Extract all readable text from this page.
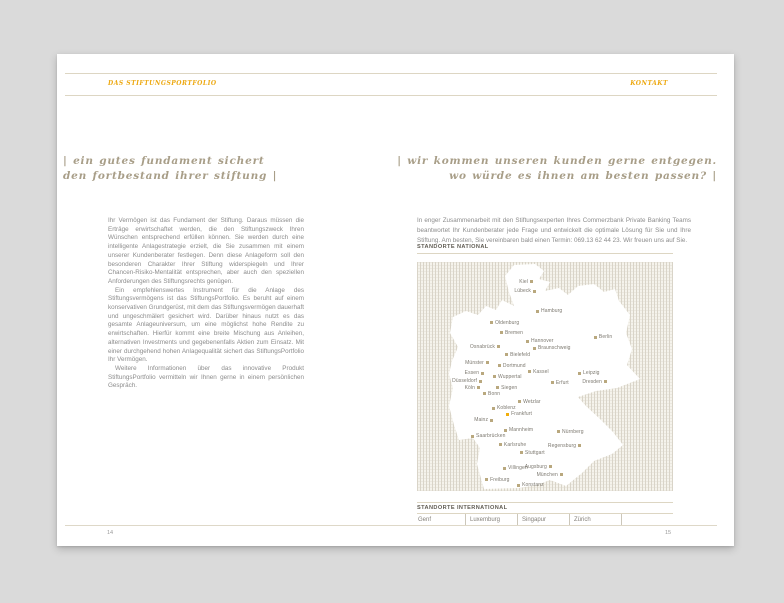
DAS STIFTUNGSPORTFOLIO	KONTAKT
| ein gutes fundament sichert
den fortbestand ihrer stiftung |

Ihr Vermögen ist das Fundament der Stiftung. Daraus müssen die Erträge erwirtschaftet werden, die den Stiftungszweck Ihren Wünschen entsprechend erfüllen können. Sie werden durch eine intelligente Anlagestrategie erzielt, die Sie zusammen mit einem unserer Kundenberater festlegen. Denn diese Anlageform soll den besonderen Charakter Ihrer Stiftung widerspiegeln und Ihrer Chancen-Risiko-Mentalität entsprechen, aber auch den speziellen Anforderungen des Stiftungsrechts genügen.

Ein empfehlenswertes Instrument für die Anlage des Stiftungsvermögens ist das StiftungsPortfolio. Es beruht auf einem konservativen Grundgerüst, mit dem das Stiftungsvermögen dauerhaft und ungeschmälert gesichert wird. Darüber hinaus nutzt es das gesamte Anlageuniversum, um eine möglichst hohe Rendite zu erwirtschaften. Hierfür kommt eine breite Mischung aus Anleihen, alternativen Investments und gegebenenfalls Aktien zum Einsatz. Mit einer durchgehend hohen Anlagequalität sichert das StiftungsPortfolio Ihr Vermögen.

Weitere Informationen über das innovative Produkt StiftungsPortfolio vermitteln wir Ihnen gerne in einem persönlichen Gespräch.

14
| wir kommen unseren kunden gerne entgegen.
wo würde es ihnen am besten passen? |
In enger Zusammenarbeit mit den Stiftungsexperten Ihres Commerzbank Private Banking Teams beantwortet Ihr Kundenberater jede Frage und entwickelt die optimale Lösung für Sie und Ihre Stiftung. Am besten, Sie vereinbaren bald einen Termin: 069.13 62 44 23. Wir freuen uns auf Sie.
STANDORTE NATIONAL
Kiel
Lübeck
Hamburg
Oldenburg
Bremen
Hannover
Braunschweig
Berlin
Osnabrück
Bielefeld
Münster	Dortmund
Essen	Kassel
Wuppertal
Düsseldorf
Köln	Siegen
Bonn
Wetzlar
Koblenz
Frankfurt
Mainz
Leipzig
Erfurt	Dresden
Mannheim
Saarbrücken
Karlsruhe
Stuttgart
Nürnberg
Regensburg
Villingen
Augsburg
München
Freiburg
Konstanz
STANDORTE INTERNATIONAL
Genf	Luxemburg	Singapur	Zürich
15
